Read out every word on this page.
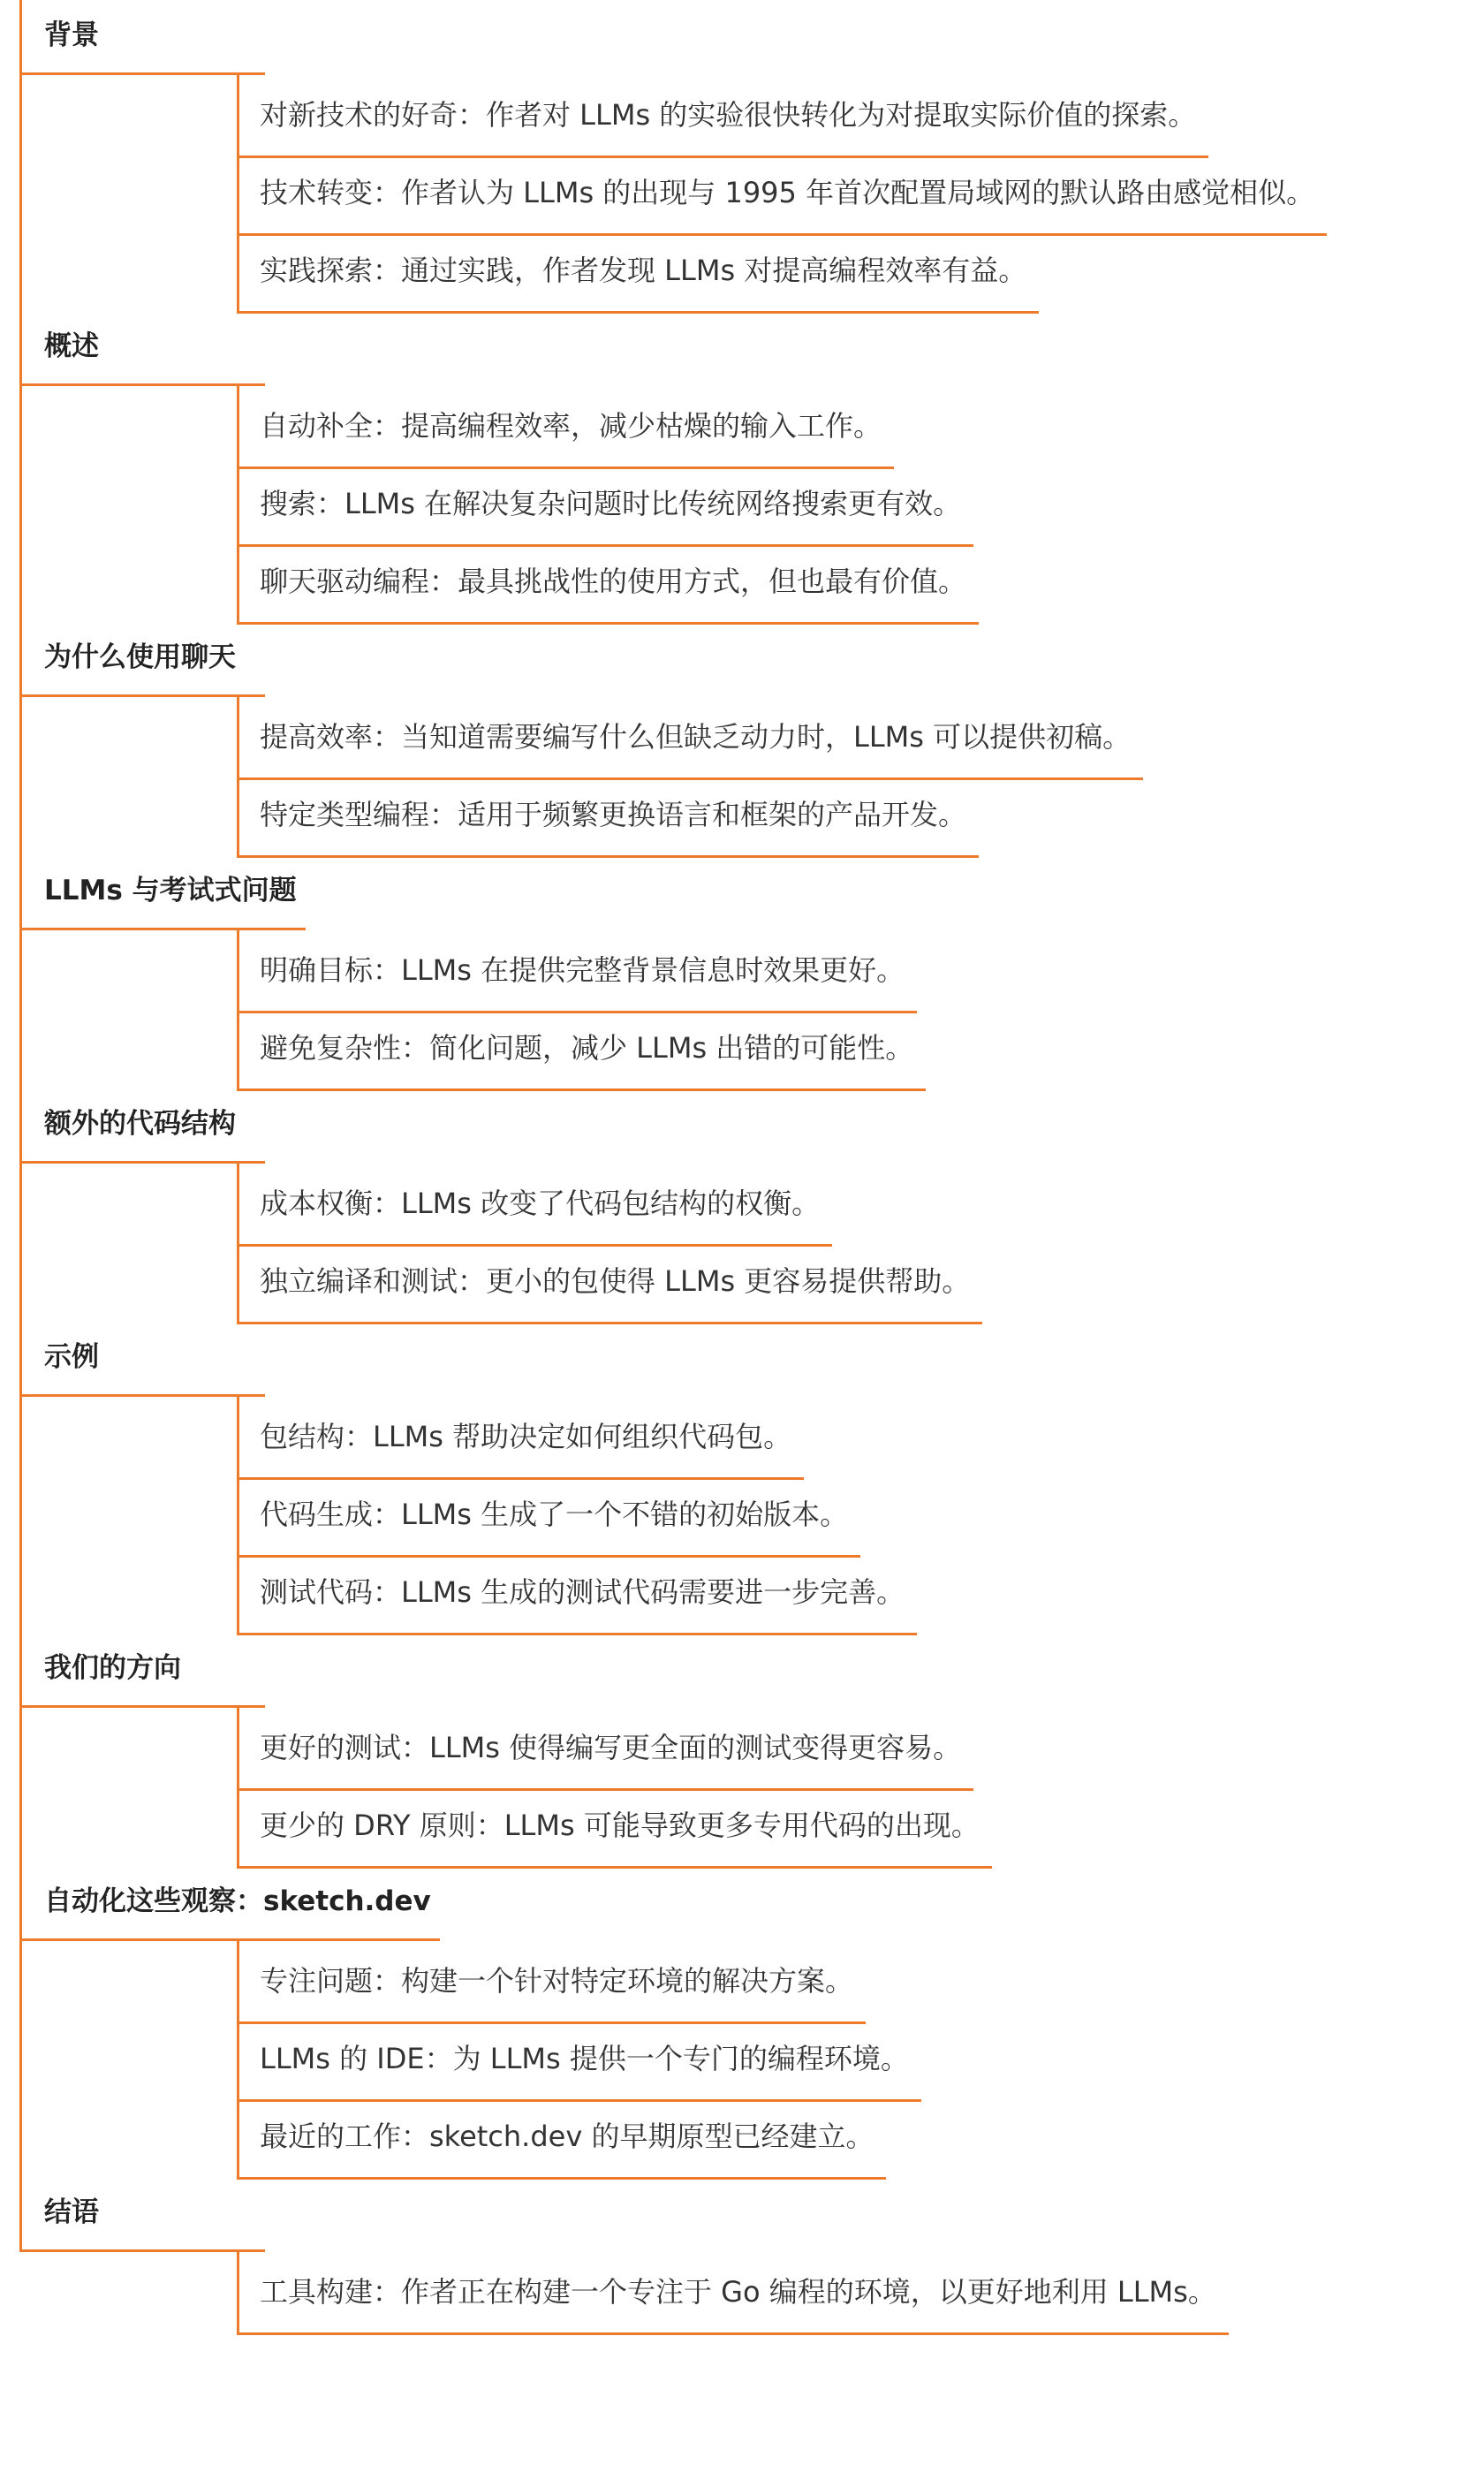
背景
对新技术的好奇：作者对 LLMs 的实验很快转化为对提取实际价值的探索。
技术转变：作者认为 LLMs 的出现与 1995 年首次配置局域网的默认路由感觉相似。
实践探索：通过实践，作者发现 LLMs 对提高编程效率有益。
概述
自动补全：提高编程效率，减少枯燥的输入工作。
搜索：LLMs 在解决复杂问题时比传统网络搜索更有效。
聊天驱动编程：最具挑战性的使用方式，但也最有价值。
为什么使用聊天
提高效率：当知道需要编写什么但缺乏动力时，LLMs 可以提供初稿。
特定类型编程：适用于频繁更换语言和框架的产品开发。
LLMs 与考试式问题
明确目标：LLMs 在提供完整背景信息时效果更好。
避免复杂性：简化问题，减少 LLMs 出错的可能性。
额外的代码结构
成本权衡：LLMs 改变了代码包结构的权衡。
独立编译和测试：更小的包使得 LLMs 更容易提供帮助。
示例
包结构：LLMs 帮助决定如何组织代码包。
代码生成：LLMs 生成了一个不错的初始版本。
测试代码：LLMs 生成的测试代码需要进一步完善。
我们的方向
更好的测试：LLMs 使得编写更全面的测试变得更容易。
更少的 DRY 原则：LLMs 可能导致更多专用代码的出现。
自动化这些观察：sketch.dev
专注问题：构建一个针对特定环境的解决方案。
LLMs 的 IDE：为 LLMs 提供一个专门的编程环境。
最近的工作：sketch.dev 的早期原型已经建立。
结语
工具构建：作者正在构建一个专注于 Go 编程的环境，以更好地利用 LLMs。
